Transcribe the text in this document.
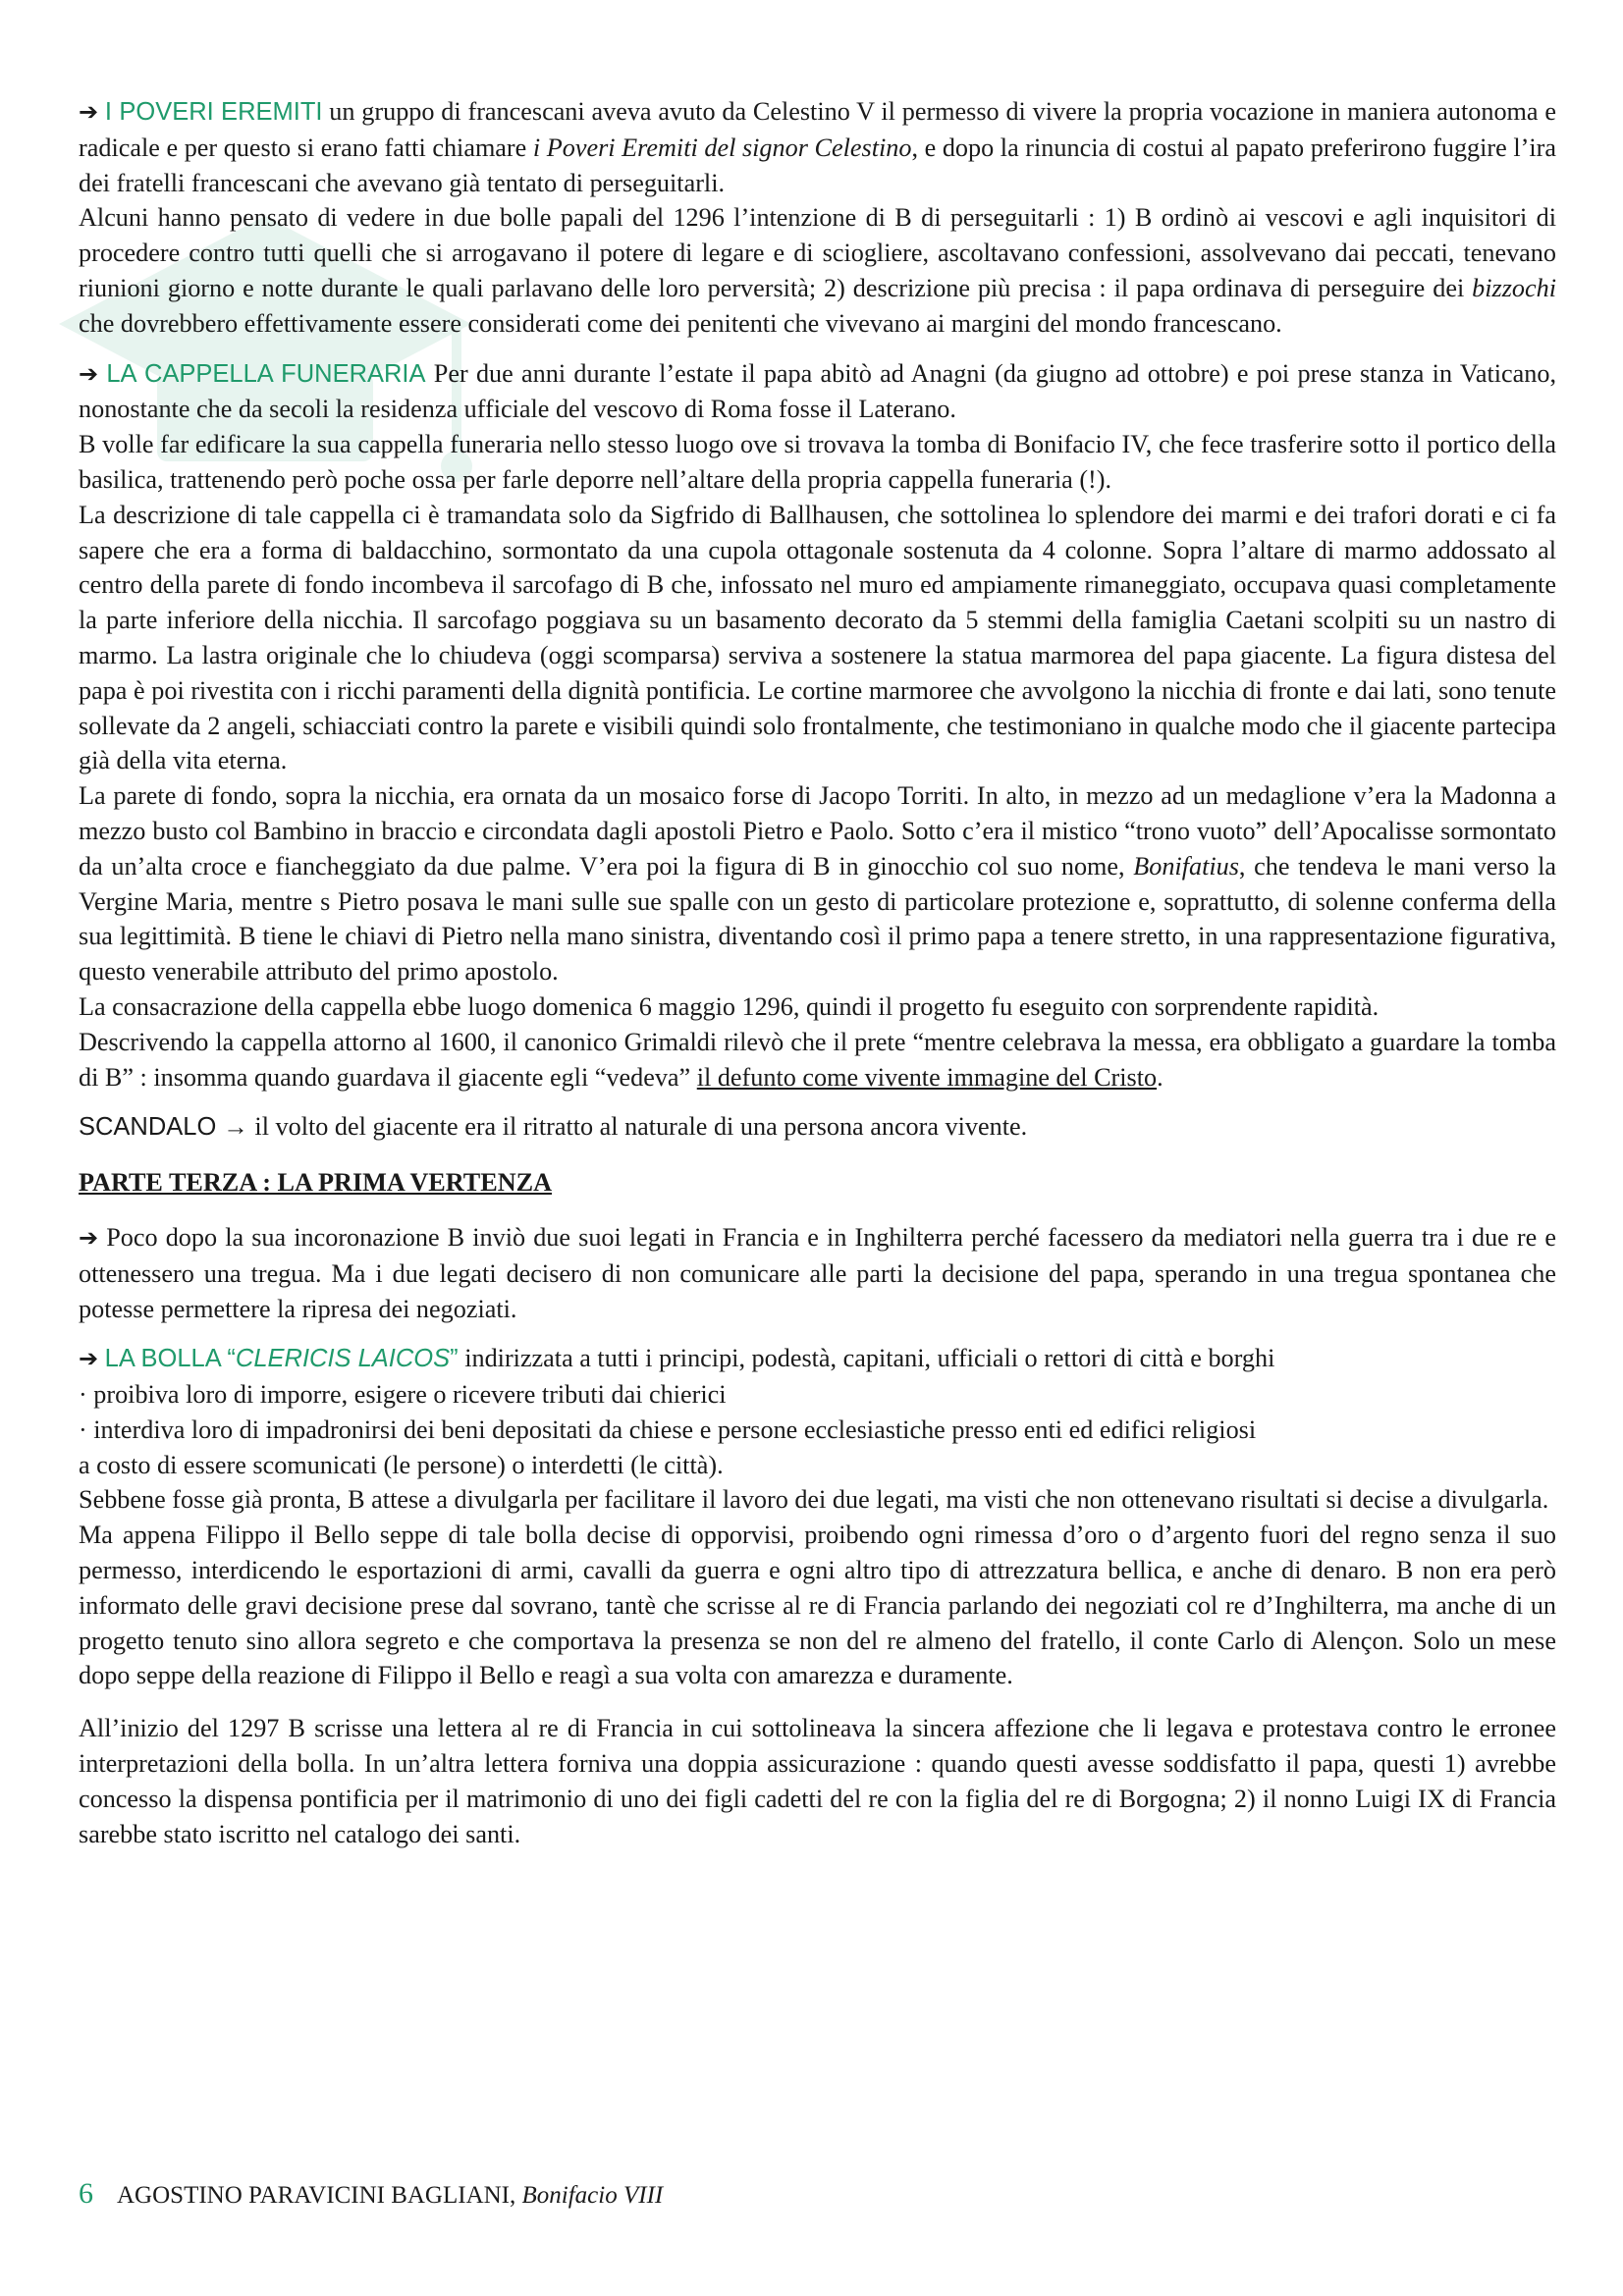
➔ I POVERI EREMITI un gruppo di francescani aveva avuto da Celestino V il permesso di vivere la propria vocazione in maniera autonoma e radicale e per questo si erano fatti chiamare i Poveri Eremiti del signor Celestino, e dopo la rinuncia di costui al papato preferirono fuggire l’ira dei fratelli francescani che avevano già tentato di perseguitarli.

Alcuni hanno pensato di vedere in due bolle papali del 1296 l’intenzione di B di perseguitarli : 1) B ordinò ai vescovi e agli inquisitori di procedere contro tutti quelli che si arrogavano il potere di legare e di sciogliere, ascoltavano confessioni, assolvevano dai peccati, tenevano riunioni giorno e notte durante le quali parlavano delle loro perversità; 2) descrizione più precisa : il papa ordinava di perseguire dei bizzochi che dovrebbero effettivamente essere considerati come dei penitenti che vivevano ai margini del mondo francescano.

➔ LA CAPPELLA FUNERARIA Per due anni durante l’estate il papa abitò ad Anagni (da giugno ad ottobre) e poi prese stanza in Vaticano, nonostante che da secoli la residenza ufficiale del vescovo di Roma fosse il Laterano.

B volle far edificare la sua cappella funeraria nello stesso luogo ove si trovava la tomba di Bonifacio IV, che fece trasferire sotto il portico della basilica, trattenendo però poche ossa per farle deporre nell’altare della propria cappella funeraria (!).

La descrizione di tale cappella ci è tramandata solo da Sigfrido di Ballhausen, che sottolinea lo splendore dei marmi e dei trafori dorati e ci fa sapere che era a forma di baldacchino, sormontato da una cupola ottagonale sostenuta da 4 colonne. Sopra l’altare di marmo addossato al centro della parete di fondo incombeva il sarcofago di B che, infossato nel muro ed ampiamente rimaneggiato, occupava quasi completamente la parte inferiore della nicchia. Il sarcofago poggiava su un basamento decorato da 5 stemmi della famiglia Caetani scolpiti su un nastro di marmo. La lastra originale che lo chiudeva (oggi scomparsa) serviva a sostenere la statua marmorea del papa giacente. La figura distesa del papa è poi rivestita con i ricchi paramenti della dignità pontificia. Le cortine marmoree che avvolgono la nicchia di fronte e dai lati, sono tenute sollevate da 2 angeli, schiacciati contro la parete e visibili quindi solo frontalmente, che testimoniano in qualche modo che il giacente partecipa già della vita eterna.

La parete di fondo, sopra la nicchia, era ornata da un mosaico forse di Jacopo Torriti. In alto, in mezzo ad un medaglione v’era la Madonna a mezzo busto col Bambino in braccio e circondata dagli apostoli Pietro e Paolo. Sotto c’era il mistico “trono vuoto” dell’Apocalisse sormontato da un’alta croce e fiancheggiato da due palme. V’era poi la figura di B in ginocchio col suo nome, Bonifatius, che tendeva le mani verso la Vergine Maria, mentre s Pietro posava le mani sulle sue spalle con un gesto di particolare protezione e, soprattutto, di solenne conferma della sua legittimità. B tiene le chiavi di Pietro nella mano sinistra, diventando così il primo papa a tenere stretto, in una rappresentazione figurativa, questo venerabile attributo del primo apostolo.

La consacrazione della cappella ebbe luogo domenica 6 maggio 1296, quindi il progetto fu eseguito con sorprendente rapidità.

Descrivendo la cappella attorno al 1600, il canonico Grimaldi rilevò che il prete “mentre celebrava la messa, era obbligato a guardare la tomba di B” : insomma quando guardava il giacente egli “vedeva” il defunto come vivente immagine del Cristo.

SCANDALO → il volto del giacente era il ritratto al naturale di una persona ancora vivente.

PARTE TERZA : LA PRIMA VERTENZA

➔ Poco dopo la sua incoronazione B inviò due suoi legati in Francia e in Inghilterra perché facessero da mediatori nella guerra tra i due re e ottenessero una tregua. Ma i due legati decisero di non comunicare alle parti la decisione del papa, sperando in una tregua spontanea che potesse permettere la ripresa dei negoziati.

➔ LA BOLLA “CLERICIS LAICOS” indirizzata a tutti i principi, podestà, capitani, ufficiali o rettori di città e borghi

· proibiva loro di imporre, esigere o ricevere tributi dai chierici

· interdiva loro di impadronirsi dei beni depositati da chiese e persone ecclesiastiche presso enti ed edifici religiosi

a costo di essere scomunicati (le persone) o interdetti (le città).

Sebbene fosse già pronta, B attese a divulgarla per facilitare il lavoro dei due legati, ma visti che non ottenevano risultati si decise a divulgarla.

Ma appena Filippo il Bello seppe di tale bolla decise di opporvisi, proibendo ogni rimessa d’oro o d’argento fuori del regno senza il suo permesso, interdicendo le esportazioni di armi, cavalli da guerra e ogni altro tipo di attrezzatura bellica, e anche di denaro. B non era però informato delle gravi decisione prese dal sovrano, tantè che scrisse al re di Francia parlando dei negoziati col re d’Inghilterra, ma anche di un progetto tenuto sino allora segreto e che comportava la presenza se non del re almeno del fratello, il conte Carlo di Alençon. Solo un mese dopo seppe della reazione di Filippo il Bello e reagì a sua volta con amarezza e duramente.

All’inizio del 1297 B scrisse una lettera al re di Francia in cui sottolineava la sincera affezione che li legava e protestava contro le erronee interpretazioni della bolla. In un’altra lettera forniva una doppia assicurazione : quando questi avesse soddisfatto il papa, questi 1) avrebbe concesso la dispensa pontificia per il matrimonio di uno dei figli cadetti del re con la figlia del re di Borgogna; 2) il nonno Luigi IX di Francia sarebbe stato iscritto nel catalogo dei santi.

6 AGOSTINO PARAVICINI BAGLIANI, Bonifacio VIII
